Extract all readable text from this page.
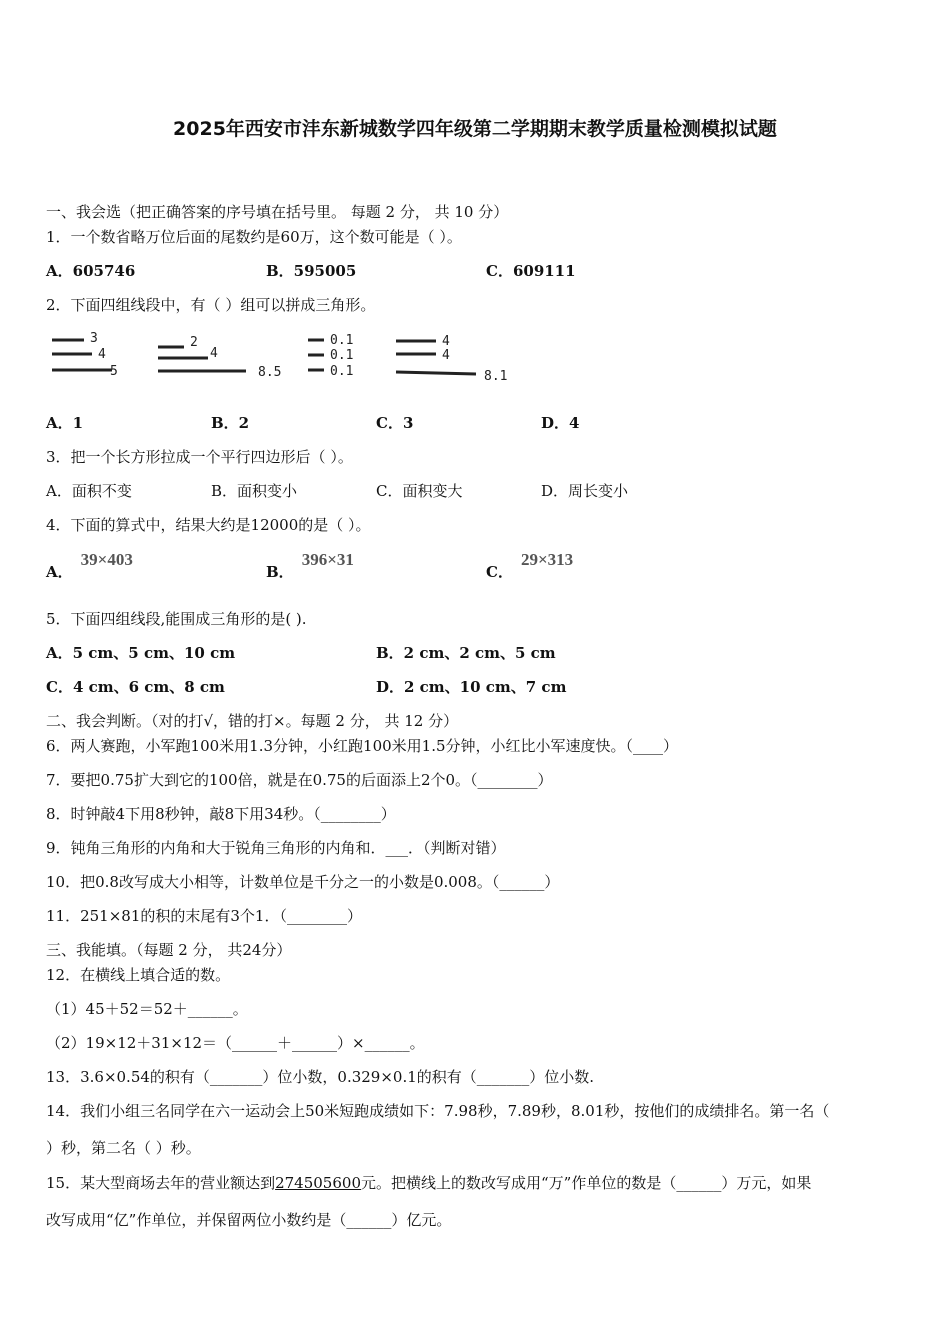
2025年西安市沣东新城数学四年级第二学期期末教学质量检测模拟试题
一、我会选（把正确答案的序号填在括号里。 每题 2 分， 共 10 分）
1．一个数省略万位后面的尾数约是60万，这个数可能是（ ）。
A．605746	B．595005	C．609111
2．下面四组线段中，有（ ）组可以拼成三角形。
3
4
5
2
4
8.5
0.1
0.1
0.1
4
4
8.1
A．1	B．2	C．3	D．4
3．把一个长方形拉成一个平行四边形后（ ）。
A．面积不变	B．面积变小	C．面积变大	D．周长变小
4．下面的算式中，结果大约是12000的是（ ）。
A．39×403
B．396×31
C．29×313
5．下面四组线段,能围成三角形的是( ).
A．5 cm、5 cm、10 cm	B．2 cm、2 cm、5 cm
C．4 cm、6 cm、8 cm	D．2 cm、10 cm、7 cm
二、我会判断。（对的打√，错的打×。每题 2 分， 共 12 分）
6．两人赛跑，小军跑100米用1.3分钟，小红跑100米用1.5分钟，小红比小军速度快。（____）
7．要把0.75扩大到它的100倍，就是在0.75的后面添上2个0。（________）
8．时钟敲4下用8秒钟，敲8下用34秒。（________）
9．钝角三角形的内角和大于锐角三角形的内角和．___．（判断对错）
10．把0.8改写成大小相等，计数单位是千分之一的小数是0.008。（______）
11．251×81的积的末尾有3个1．（________）
三、我能填。（每题 2 分， 共24分）
12．在横线上填合适的数。
（1）45＋52＝52＋______。
（2）19×12＋31×12＝（______＋______）×______。
13．3.6×0.54的积有（_______）位小数，0.329×0.1的积有（_______）位小数.
14．我们小组三名同学在六一运动会上50米短跑成绩如下：7.98秒，7.89秒，8.01秒，按他们的成绩排名。第一名（
）秒，第二名（ ）秒。
15．某大型商场去年的营业额达到274505600元。把横线上的数改写成用“万”作单位的数是（______）万元，如果
改写成用“亿”作单位，并保留两位小数约是（______）亿元。
